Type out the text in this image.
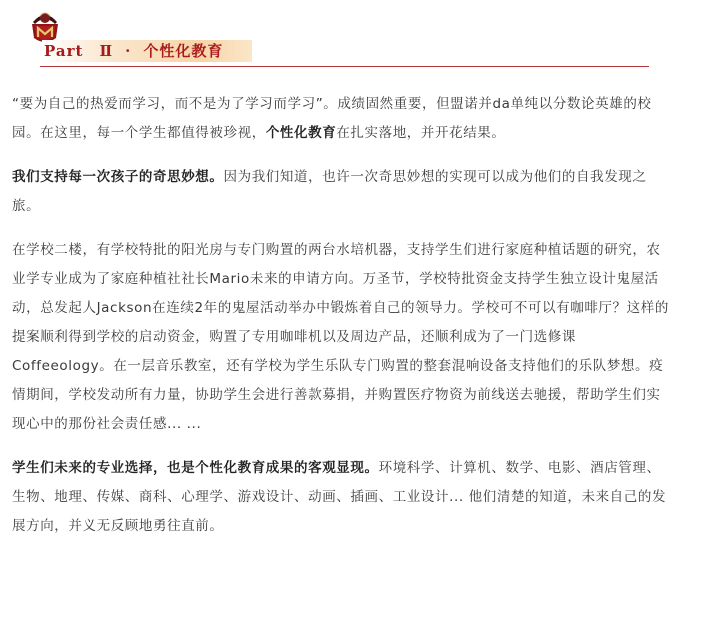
Part Ⅱ · 个性化教育

“要为自己的热爱而学习，而不是为了学习而学习”。成绩固然重要，但盟诺并da单纯以分数论英雄的校园。在这里，每一个学生都值得被珍视，个性化教育在扎实落地，并开花结果。

我们支持每一次孩子的奇思妙想。因为我们知道，也许一次奇思妙想的实现可以成为他们的自我发现之旅。

在学校二楼，有学校特批的阳光房与专门购置的两台水培机器，支持学生们进行家庭种植话题的研究，农业学专业成为了家庭种植社社长Mario未来的申请方向。万圣节，学校特批资金支持学生独立设计鬼屋活动，总发起人Jackson在连续2年的鬼屋活动举办中锻炼着自己的领导力。学校可不可以有咖啡厅？这样的提案顺利得到学校的启动资金，购置了专用咖啡机以及周边产品，还顺利成为了一门选修课Coffeeology。在一层音乐教室，还有学校为学生乐队专门购置的整套混响设备支持他们的乐队梦想。疫情期间，学校发动所有力量，协助学生会进行善款募捐，并购置医疗物资为前线送去驰援，帮助学生们实现心中的那份社会责任感... ...

学生们未来的专业选择，也是个性化教育成果的客观显现。环境科学、计算机、数学、电影、酒店管理、生物、地理、传媒、商科、心理学、游戏设计、动画、插画、工业设计... 他们清楚的知道，未来自己的发展方向，并义无反顾地勇往直前。
